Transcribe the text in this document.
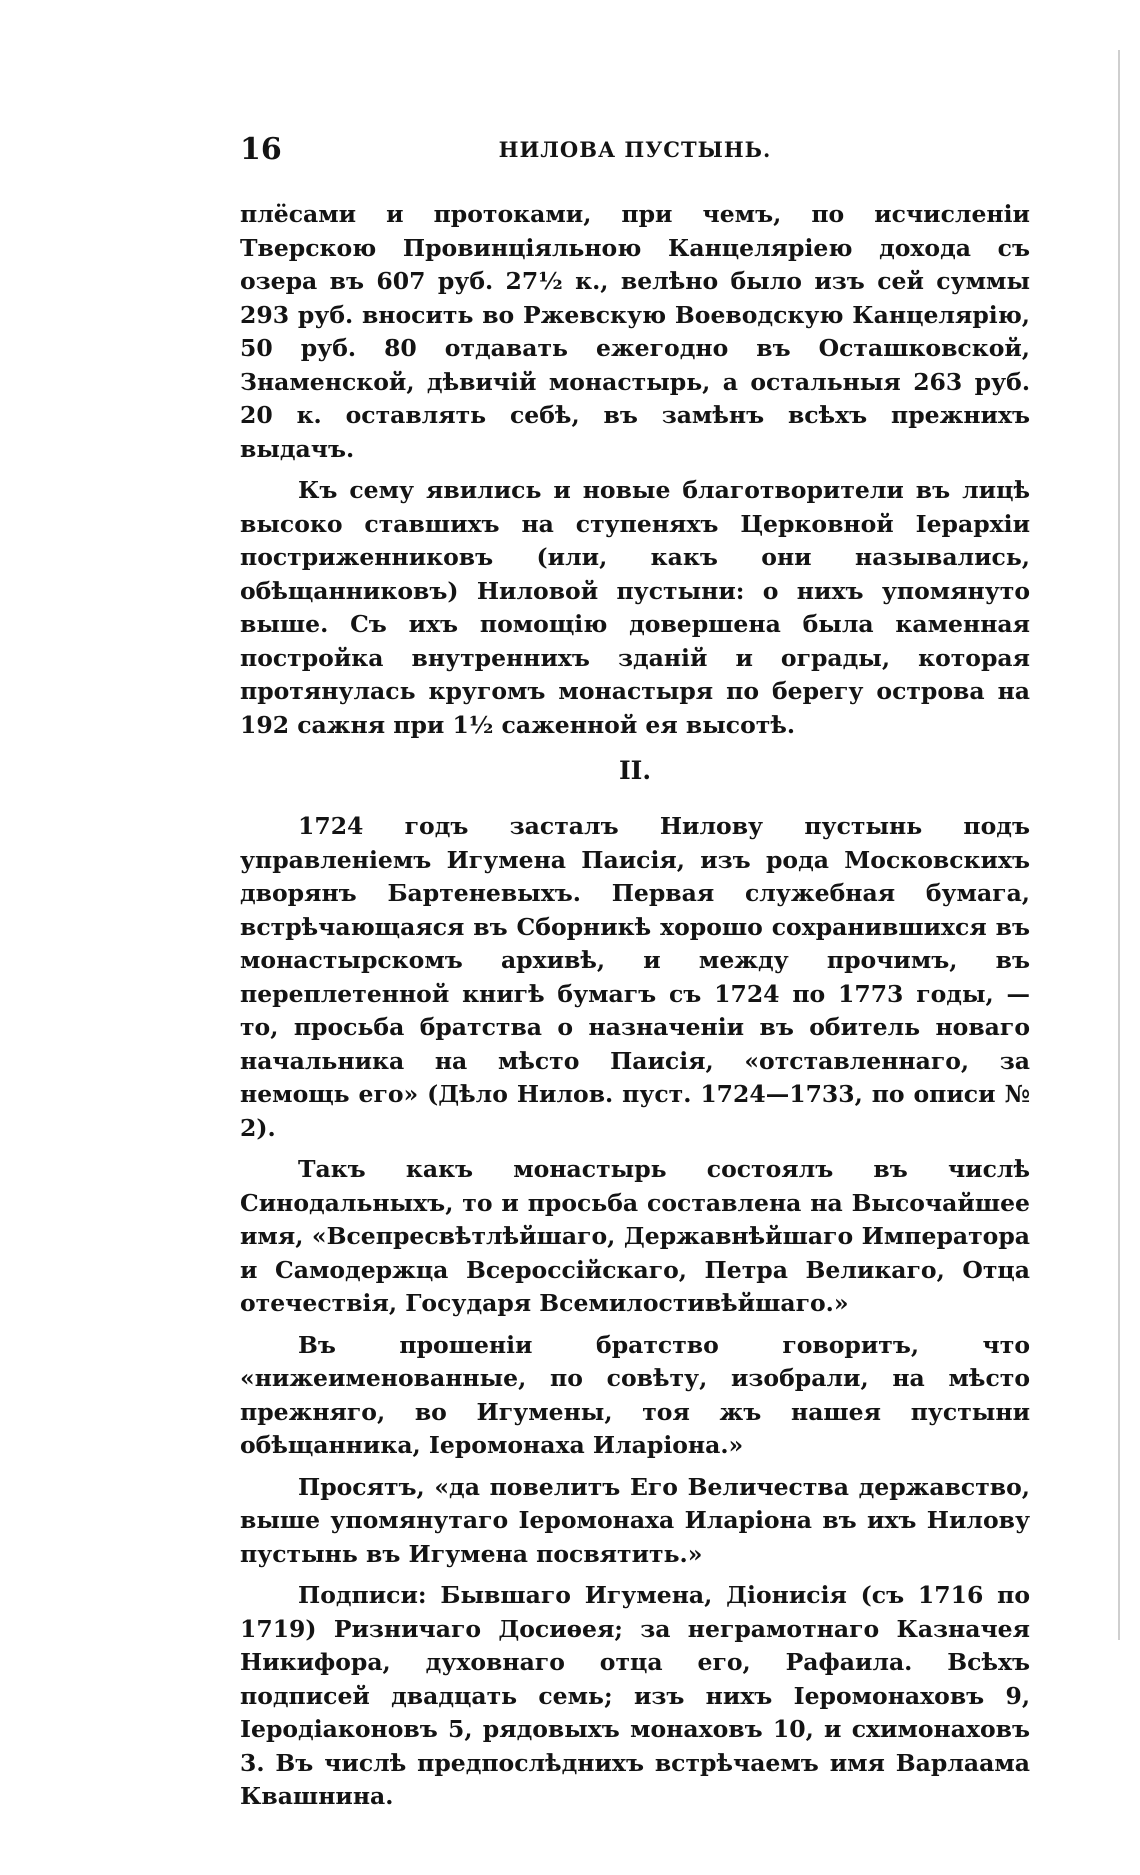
16	НИЛОВА ПУСТЫНЬ.

плёсами и протоками, при чемъ, по исчисленіи Тверскою Провинціяльною Канцеляріею дохода съ озера въ 607 руб. 27½ к., велѣно было изъ сей суммы 293 руб. вносить во Ржевскую Воеводскую Канцелярію, 50 руб. 80 отдавать ежегодно въ Осташковской, Знаменской, дѣвичій монастырь, а остальныя 263 руб. 20 к. оставлять себѣ, въ замѣнъ всѣхъ прежнихъ выдачъ.

Къ сему явились и новые благотворители въ лицѣ высоко ставшихъ на ступеняхъ Церковной Іерархіи постриженниковъ (или, какъ они назывались, обѣщанниковъ) Ниловой пустыни: о нихъ упомянуто выше. Съ ихъ помощію довершена была каменная постройка внутреннихъ зданій и ограды, которая протянулась кругомъ монастыря по берегу острова на 192 сажня при 1½ саженной ея высотѣ.

II.

1724 годъ засталъ Нилову пустынь подъ управленіемъ Игумена Паисія, изъ рода Московскихъ дворянъ Бартеневыхъ. Первая служебная бумага, встрѣчающаяся въ Сборникѣ хорошо сохранившихся въ монастырскомъ архивѣ, и между прочимъ, въ переплетенной книгѣ бумагъ съ 1724 по 1773 годы, — то, просьба братства о назначеніи въ обитель новаго начальника на мѣсто Паисія, «отставленнаго, за немощь его» (Дѣло Нилов. пуст. 1724—1733, по описи № 2).

Такъ какъ монастырь состоялъ въ числѣ Синодальныхъ, то и просьба составлена на Высочайшее имя, «Всепресвѣтлѣйшаго, Державнѣйшаго Императора и Самодержца Всероссійскаго, Петра Великаго, Отца отечествія, Государя Всемилостивѣйшаго.»

Въ прошеніи братство говоритъ, что «нижеименованные, по совѣту, изобрали, на мѣсто прежняго, во Игумены, тоя жъ нашея пустыни обѣщанника, Іеромонаха Иларіона.»

Просятъ, «да повелитъ Его Величества державство, выше упомянутаго Іеромонаха Иларіона въ ихъ Нилову пустынь въ Игумена посвятить.»

Подписи: Бывшаго Игумена, Діонисія (съ 1716 по 1719) Ризничаго Досиѳея; за неграмотнаго Казначея Никифора, духовнаго отца его, Рафаила. Всѣхъ подписей двадцать семь; изъ нихъ Іеромонаховъ 9, Іеродіаконовъ 5, рядовыхъ монаховъ 10, и схимонаховъ 3. Въ числѣ предпослѣднихъ встрѣчаемъ имя Варлаама Квашнина.
